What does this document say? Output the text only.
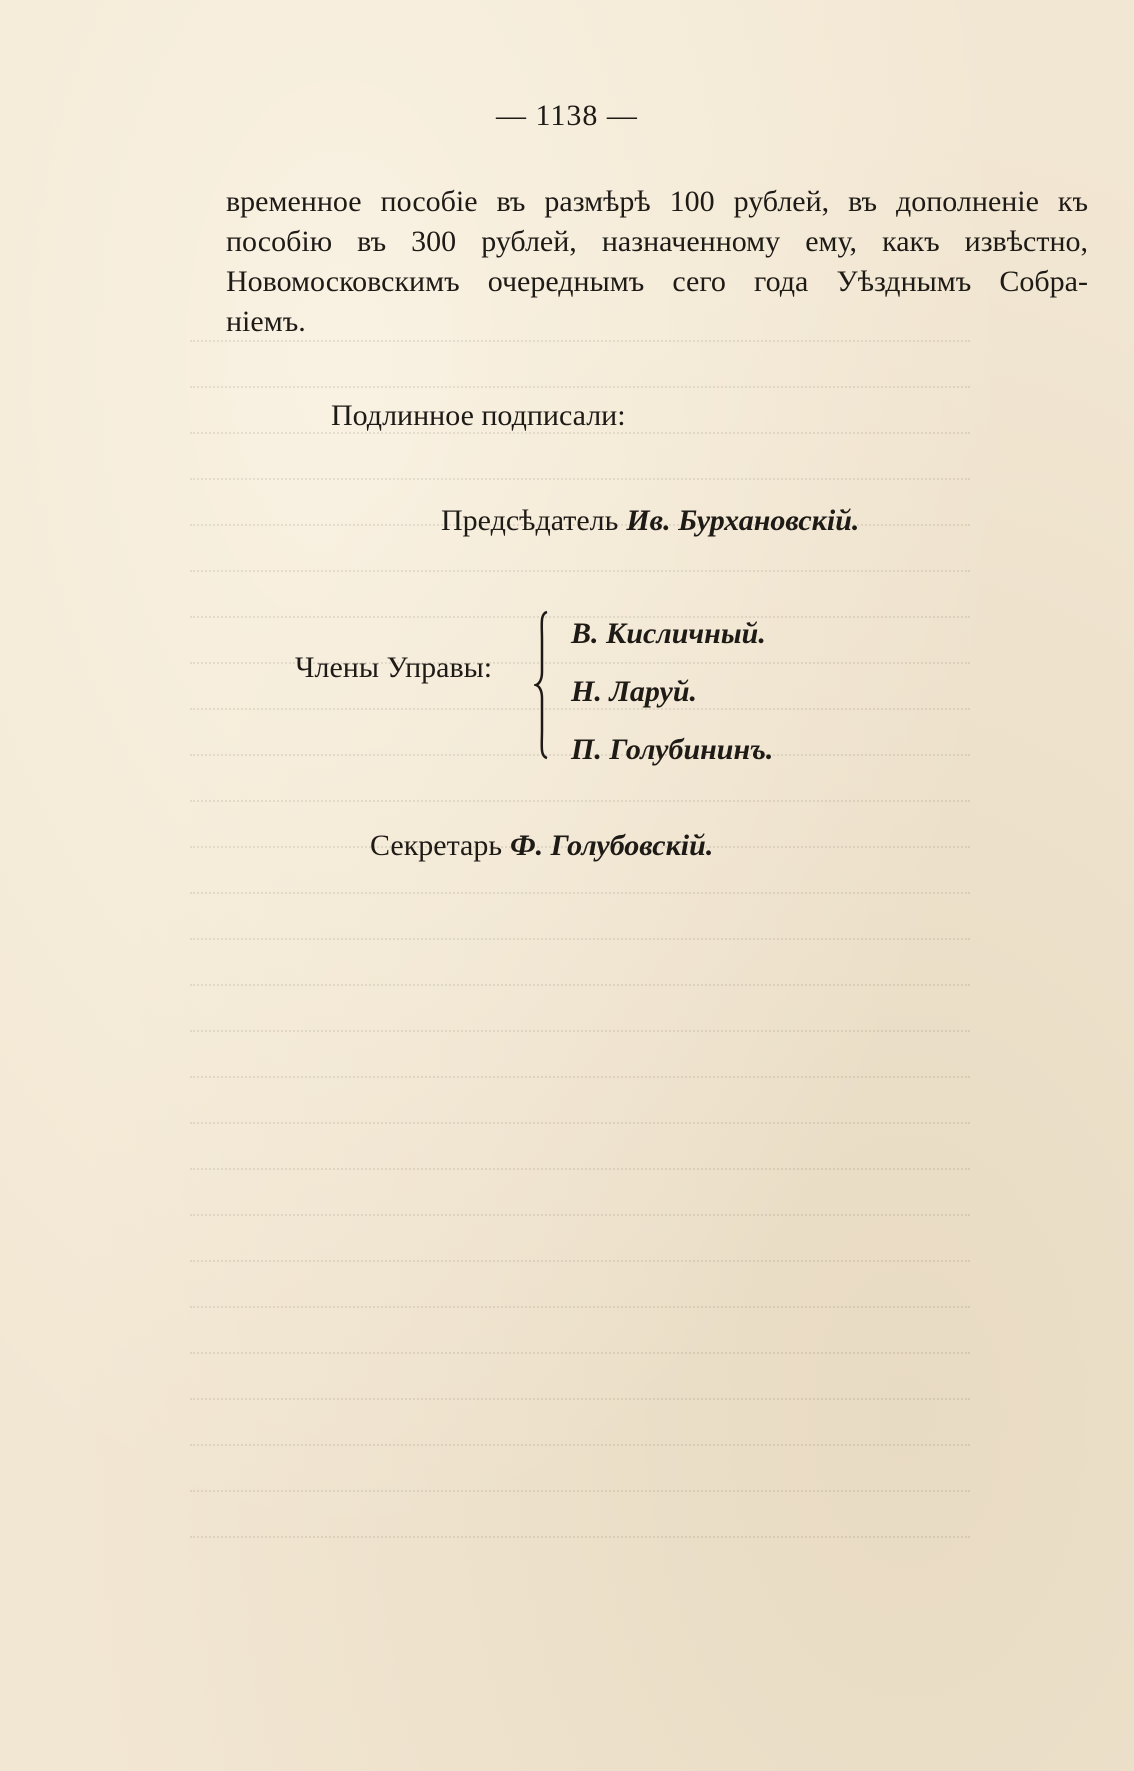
— 1138 —
временное пособіе въ размѣрѣ 100 рублей, въ дополненіе къ
пособію въ 300 рублей, назначенному ему, какъ извѣстно,
Новомосковскимъ очереднымъ сего года Уѣзднымъ Собра-
ніемъ.
Подлинное подписали:
Предсѣдатель Ив. Бурхановскій.
Члены Управы:
В. Кисличный.
Н. Ларуй.
П. Голубининъ.
Секретарь Ф. Голубовскій.
